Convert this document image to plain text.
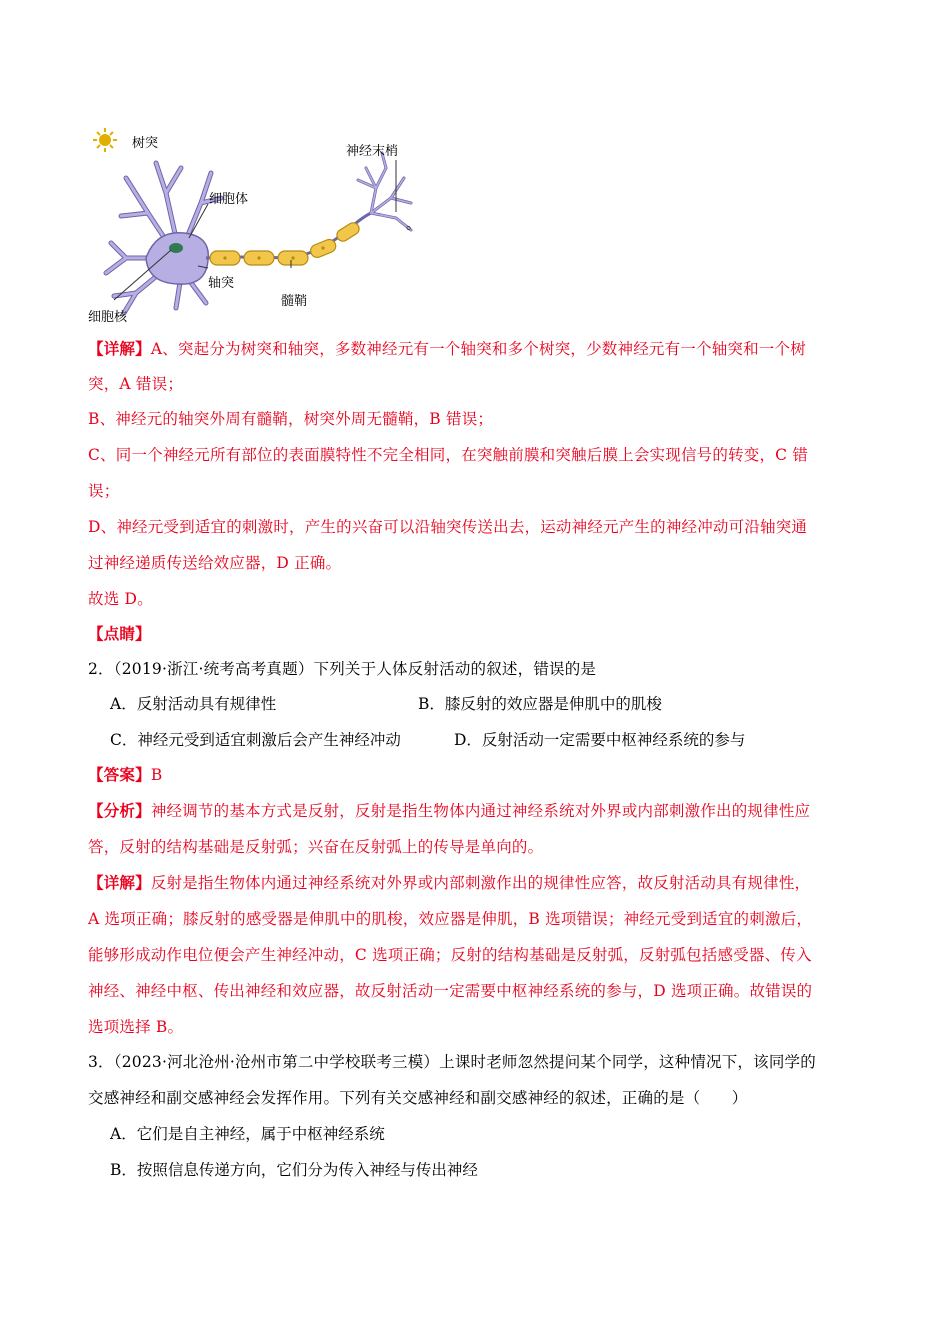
树突
细胞体
神经末梢
轴突
髓鞘
细胞核
。
【详解】A、突起分为树突和轴突，多数神经元有一个轴突和多个树突，少数神经元有一个轴突和一个树
突，A 错误；
B、神经元的轴突外周有髓鞘，树突外周无髓鞘，B 错误；
C、同一个神经元所有部位的表面膜特性不完全相同，在突触前膜和突触后膜上会实现信号的转变，C 错
误；
D、神经元受到适宜的刺激时，产生的兴奋可以沿轴突传送出去，运动神经元产生的神经冲动可沿轴突通
过神经递质传送给效应器，D 正确。
故选 D。
【点睛】
2．（2019·浙江·统考高考真题）下列关于人体反射活动的叙述，错误的是
A．反射活动具有规律性	B．膝反射的效应器是伸肌中的肌梭
C．神经元受到适宜刺激后会产生神经冲动	D．反射活动一定需要中枢神经系统的参与
【答案】B
【分析】神经调节的基本方式是反射，反射是指生物体内通过神经系统对外界或内部刺激作出的规律性应
答，反射的结构基础是反射弧；兴奋在反射弧上的传导是单向的。
【详解】反射是指生物体内通过神经系统对外界或内部刺激作出的规律性应答，故反射活动具有规律性，
A 选项正确；膝反射的感受器是伸肌中的肌梭，效应器是伸肌，B 选项错误；神经元受到适宜的刺激后，
能够形成动作电位便会产生神经冲动，C 选项正确；反射的结构基础是反射弧，反射弧包括感受器、传入
神经、神经中枢、传出神经和效应器，故反射活动一定需要中枢神经系统的参与，D 选项正确。故错误的
选项选择 B。
3．（2023·河北沧州·沧州市第二中学校联考三模）上课时老师忽然提问某个同学，这种情况下，该同学的
交感神经和副交感神经会发挥作用。下列有关交感神经和副交感神经的叙述，正确的是（　　）
A．它们是自主神经，属于中枢神经系统
B．按照信息传递方向，它们分为传入神经与传出神经
